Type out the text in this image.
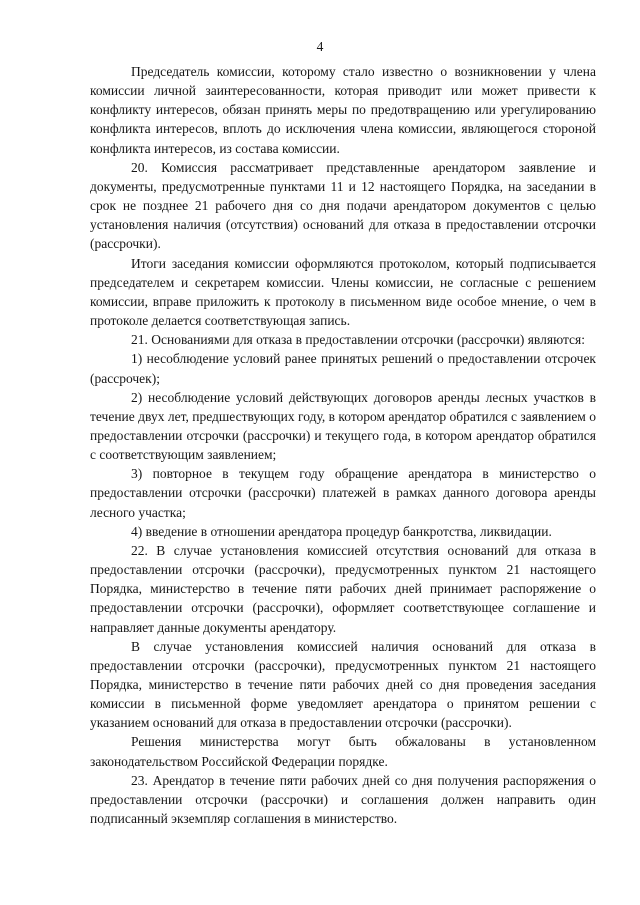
4

Председатель комиссии, которому стало известно о возникновении у члена комиссии личной заинтересованности, которая приводит или может привести к конфликту интересов, обязан принять меры по предотвращению или урегулированию конфликта интересов, вплоть до исключения члена комиссии, являющегося стороной конфликта интересов, из состава комиссии.

20. Комиссия рассматривает представленные арендатором заявление и документы, предусмотренные пунктами 11 и 12 настоящего Порядка, на заседании в срок не позднее 21 рабочего дня со дня подачи арендатором документов с целью установления наличия (отсутствия) оснований для отказа в предоставлении отсрочки (рассрочки).

Итоги заседания комиссии оформляются протоколом, который подписывается председателем и секретарем комиссии. Члены комиссии, не согласные с решением комиссии, вправе приложить к протоколу в письменном виде особое мнение, о чем в протоколе делается соответствующая запись.

21. Основаниями для отказа в предоставлении отсрочки (рассрочки) являются:

1) несоблюдение условий ранее принятых решений о предоставлении отсрочек (рассрочек);

2) несоблюдение условий действующих договоров аренды лесных участков в течение двух лет, предшествующих году, в котором арендатор обратился с заявлением о предоставлении отсрочки (рассрочки) и текущего года, в котором арендатор обратился с соответствующим заявлением;

3) повторное в текущем году обращение арендатора в министерство о предоставлении отсрочки (рассрочки) платежей в рамках данного договора аренды лесного участка;

4) введение в отношении арендатора процедур банкротства, ликвидации.

22. В случае установления комиссией отсутствия оснований для отказа в предоставлении отсрочки (рассрочки), предусмотренных пунктом 21 настоящего Порядка, министерство в течение пяти рабочих дней принимает распоряжение о предоставлении отсрочки (рассрочки), оформляет соответствующее соглашение и направляет данные документы арендатору.

В случае установления комиссией наличия оснований для отказа в предоставлении отсрочки (рассрочки), предусмотренных пунктом 21 настоящего Порядка, министерство в течение пяти рабочих дней со дня проведения заседания комиссии в письменной форме уведомляет арендатора о принятом решении с указанием оснований для отказа в предоставлении отсрочки (рассрочки).

Решения министерства могут быть обжалованы в установленном законодательством Российской Федерации порядке.

23. Арендатор в течение пяти рабочих дней со дня получения распоряжения о предоставлении отсрочки (рассрочки) и соглашения должен направить один подписанный экземпляр соглашения в министерство.
